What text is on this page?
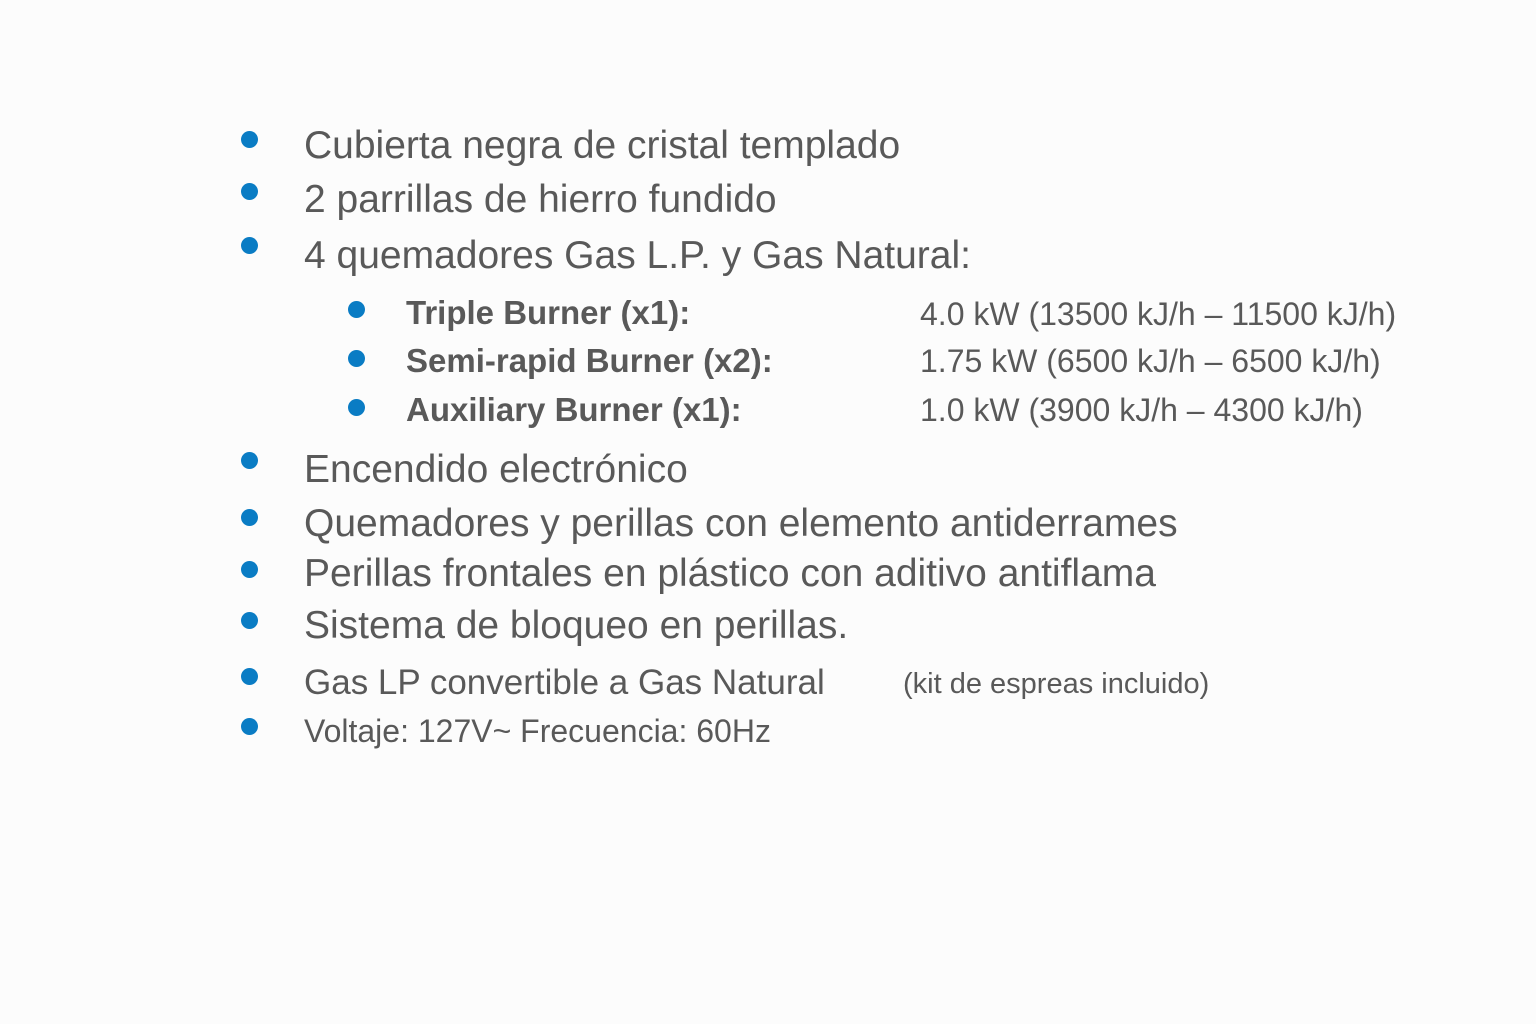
Cubierta negra de cristal templado
2 parrillas de hierro fundido
4 quemadores Gas L.P. y Gas Natural:
Triple Burner (x1):	4.0 kW (13500 kJ/h – 11500 kJ/h)
Semi-rapid Burner (x2):	1.75 kW (6500 kJ/h – 6500 kJ/h)
Auxiliary Burner (x1):	1.0 kW (3900 kJ/h – 4300 kJ/h)
Encendido electrónico
Quemadores y perillas con elemento antiderrames
Perillas frontales en plástico con aditivo antiflama
Sistema de bloqueo en perillas.
Gas LP convertible a Gas Natural	(kit de espreas incluido)
Voltaje: 127V~ Frecuencia: 60Hz
